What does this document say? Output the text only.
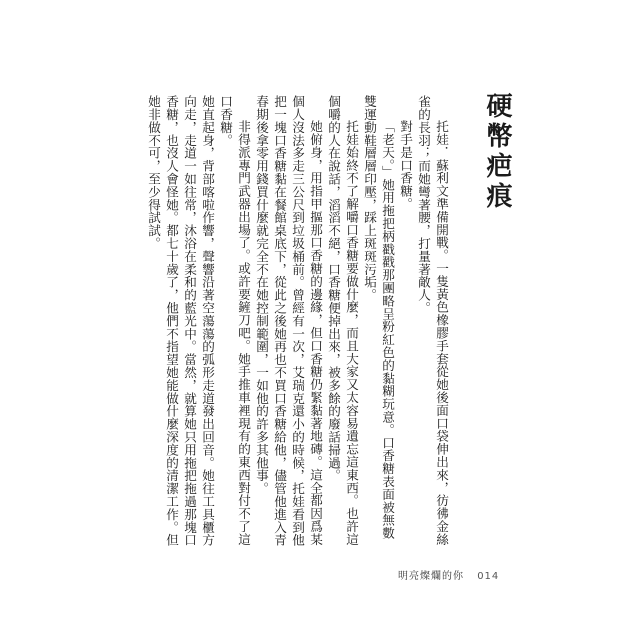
硬幣疤痕

托娃．蘇利文準備開戰。一隻黃色橡膠手套從她後面口袋伸出來，彷彿金絲雀的長羽；而她彎著腰，打量著敵人。

對手是口香糖。

「老天。」她用拖把柄戳戳那團略呈粉紅色的黏糊玩意。口香糖表面被無數雙運動鞋層層印壓，踩上斑斑污垢。

托娃始終不了解嚼口香糖要做什麼，而且大家又太容易遺忘這東西。也許這個嚼的人在說話，滔滔不絕，口香糖便掉出來，被多餘的廢話掃過。

她俯身，用指甲摳那口香糖的邊緣，但口香糖仍緊黏著地磚。這全都因爲某個人沒法多走三公尺到垃圾桶前。曾經有一次，艾瑞克還小的時候，托娃看到他把一塊口香糖黏在餐館桌底下，從此之後她再也不買口香糖給他，儘管他進入青春期後拿零用錢買什麼就完全不在她控制範圍，一如他的許多其他事。

非得派專門武器出場了。或許要鏟刀吧。她手推車裡現有的東西對付不了這口香糖。

她直起身，背部喀啦作響，聲響沿著空蕩蕩的弧形走道發出回音。她往工具櫃方向走，走道一如往常，沐浴在柔和的藍光中。當然，就算她只用拖把拖過那塊口香糖，也沒人會怪她。都七十歲了，他們不指望她能做什麼深度的清潔工作。但她非做不可，至少得試試。

明亮燦爛的你 014
